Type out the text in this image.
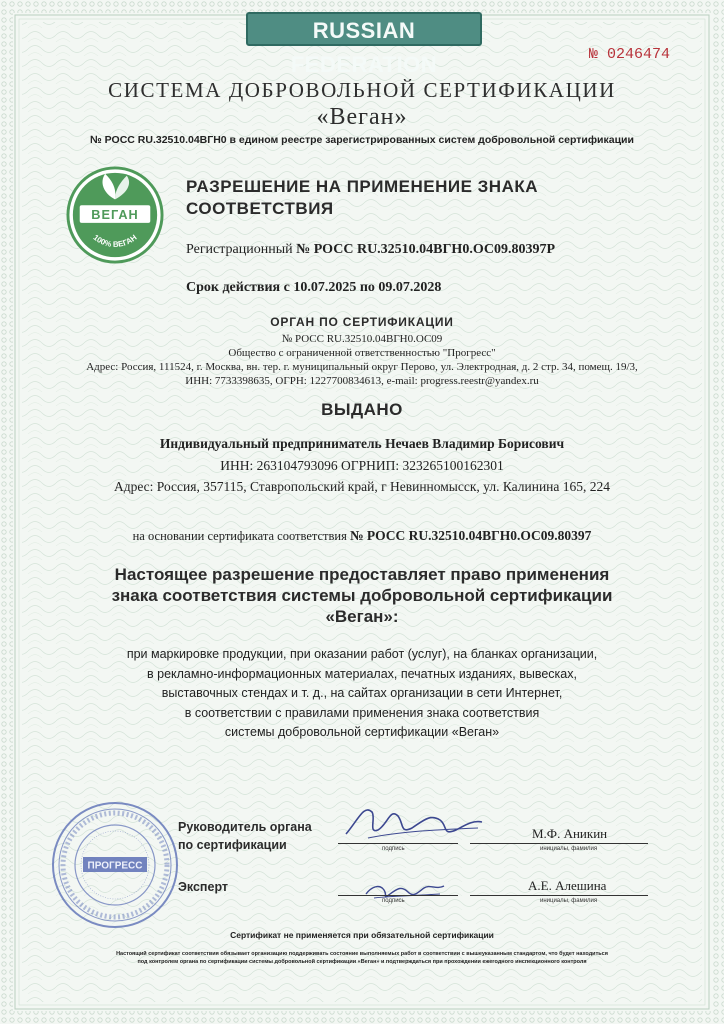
RUSSIAN FEDERATION	№ 0246474
СИСТЕМА ДОБРОВОЛЬНОЙ СЕРТИФИКАЦИИ
«Веган»
№ РОСС RU.32510.04ВГН0 в едином реестре зарегистрированных систем добровольной сертификации
ВЕГАН
100% ВЕГАН
РАЗРЕШЕНИЕ НА ПРИМЕНЕНИЕ ЗНАКА
СООТВЕТСТВИЯ
Регистрационный № РОСС RU.32510.04ВГН0.ОС09.80397Р
Срок действия с 10.07.2025 по 09.07.2028
ОРГАН ПО СЕРТИФИКАЦИИ
№ РОСС RU.32510.04ВГН0.ОС09
Общество с ограниченной ответственностью "Прогресс"
Адрес: Россия, 111524, г. Москва, вн. тер. г. муниципальный округ Перово, ул. Электродная, д. 2 стр. 34, помещ. 19/3,
ИНН: 7733398635, ОГРН: 1227700834613, e-mail: progress.reestr@yandex.ru
ВЫДАНО
Индивидуальный предприниматель Нечаев Владимир Борисович
ИНН: 263104793096 ОГРНИП: 323265100162301
Адрес: Россия, 357115, Ставропольский край, г Невинномысск, ул. Калинина 165, 224
на основании сертификата соответствия № РОСС RU.32510.04ВГН0.ОС09.80397
Настоящее разрешение предоставляет право применения
знака соответствия системы добровольной сертификации
«Веган»:
при маркировке продукции, при оказании работ (услуг), на бланках организации,
в рекламно-информационных материалах, печатных изданиях, вывесках,
выставочных стендах и т. д., на сайтах организации в сети Интернет,
в соответствии с правилами применения знака соответствия
системы добровольной сертификации «Веган»
ПРОГРЕСС
Руководитель органа
по сертификации	подпись
М.Ф. Аникин
инициалы, фамилия
Эксперт
подпись
А.Е. Алешина
инициалы, фамилия
Сертификат не применяется при обязательной сертификации
Настоящий сертификат соответствия обязывает организацию поддерживать состояние выполняемых работ в соответствии с вышеуказанным стандартом, что будет находиться
под контролем органа по сертификации системы добровольной сертификации «Веган» и подтверждаться при прохождении ежегодного инспекционного контроля
